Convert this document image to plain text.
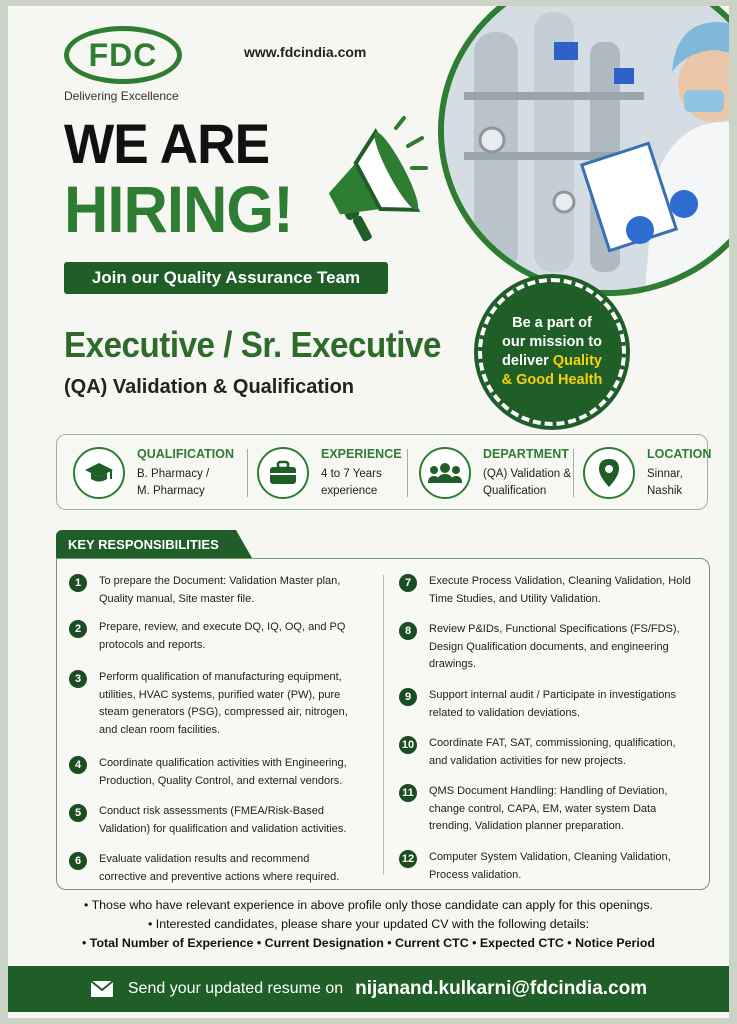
FDC
Delivering Excellence
www.fdcindia.com
WE ARE
HIRING!
Join our Quality Assurance Team
Executive / Sr. Executive
(QA) Validation & Qualification
Be a part of
our mission to
deliver Quality
& Good Health
QUALIFICATION
B. Pharmacy /
M. Pharmacy
EXPERIENCE
4 to 7 Years
experience
DEPARTMENT
(QA) Validation &
Qualification
LOCATION
Sinnar,
Nashik
KEY RESPONSIBILITIES
1	To prepare the Document: Validation Master plan, Quality manual, Site master file.
2	Prepare, review, and execute DQ, IQ, OQ, and PQ protocols and reports.
3	Perform qualification of manufacturing equipment, utilities, HVAC systems, purified water (PW), pure steam generators (PSG), compressed air, nitrogen, and clean room facilities.
4	Coordinate qualification activities with Engineering, Production, Quality Control, and external vendors.
5	Conduct risk assessments (FMEA/Risk-Based Validation) for qualification and validation activities.
6	Evaluate validation results and recommend corrective and preventive actions where required.
7	Execute Process Validation, Cleaning Validation, Hold Time Studies, and Utility Validation.
8	Review P&IDs, Functional Specifications (FS/FDS), Design Qualification documents, and engineering drawings.
9	Support internal audit / Participate in investigations related to validation deviations.
10 Coordinate FAT, SAT, commissioning, qualification, and validation activities for new projects.
11 QMS Document Handling: Handling of Deviation, change control, CAPA, EM, water system Data trending, Validation planner preparation.
12 Computer System Validation, Cleaning Validation, Process validation.
• Those who have relevant experience in above profile only those candidate can apply for this openings.
• Interested candidates, please share your updated CV with the following details:
• Total Number of Experience • Current Designation • Current CTC • Expected CTC • Notice Period
Send your updated resume on nijanand.kulkarni@fdcindia.com
